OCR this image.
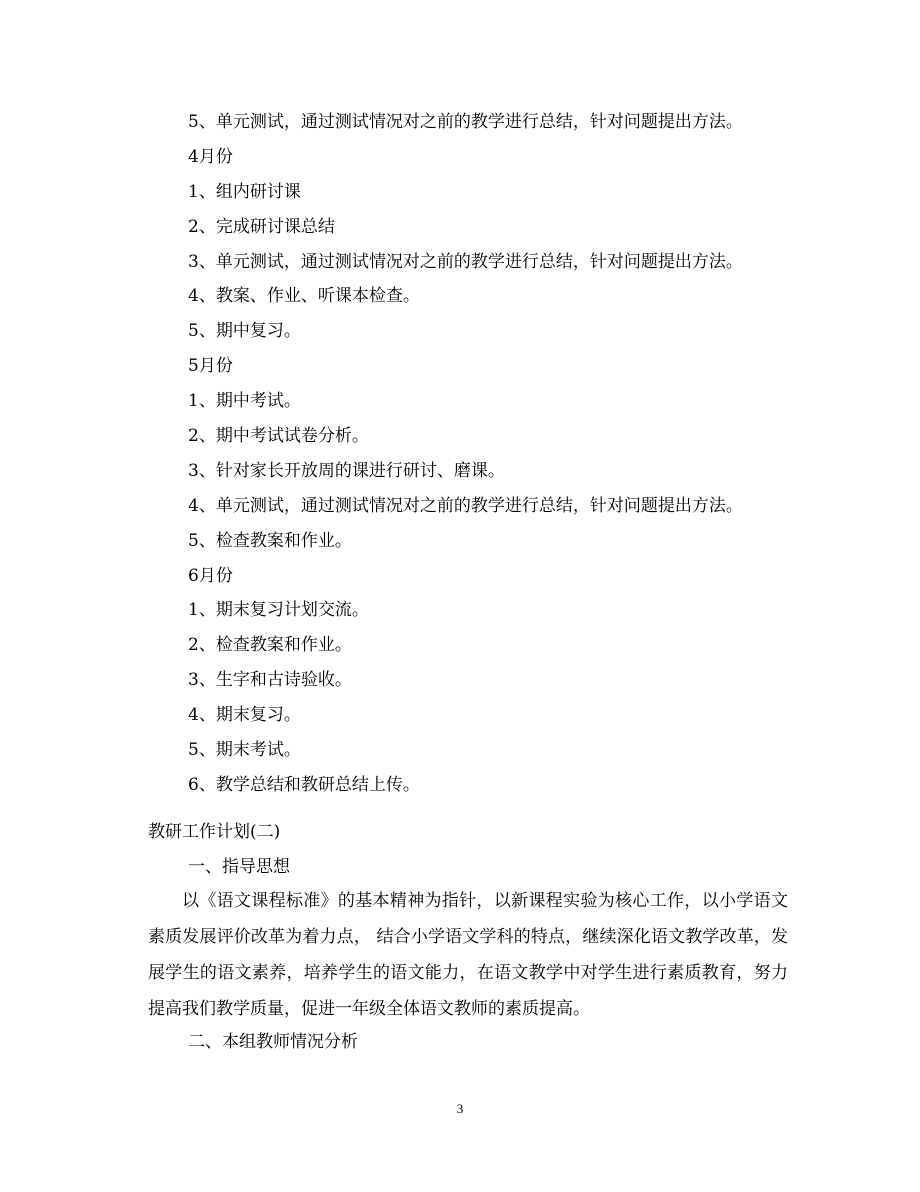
5、单元测试，通过测试情况对之前的教学进行总结，针对问题提出方法。
4月份
1、组内研讨课
2、完成研讨课总结
3、单元测试，通过测试情况对之前的教学进行总结，针对问题提出方法。
4、教案、作业、听课本检查。
5、期中复习。
5月份
1、期中考试。
2、期中考试试卷分析。
3、针对家长开放周的课进行研讨、磨课。
4、单元测试，通过测试情况对之前的教学进行总结，针对问题提出方法。
5、检查教案和作业。
6月份
1、期末复习计划交流。
2、检查教案和作业。
3、生字和古诗验收。
4、期末复习。
5、期末考试。
6、教学总结和教研总结上传。
教研工作计划(二)
一、指导思想
以《语文课程标准》的基本精神为指针，以新课程实验为核心工作，以小学语文素质发展评价改革为着力点， 结合小学语文学科的特点，继续深化语文教学改革，发展学生的语文素养，培养学生的语文能力，在语文教学中对学生进行素质教育，努力提高我们教学质量，促进一年级全体语文教师的素质提高。
二、本组教师情况分析
3
